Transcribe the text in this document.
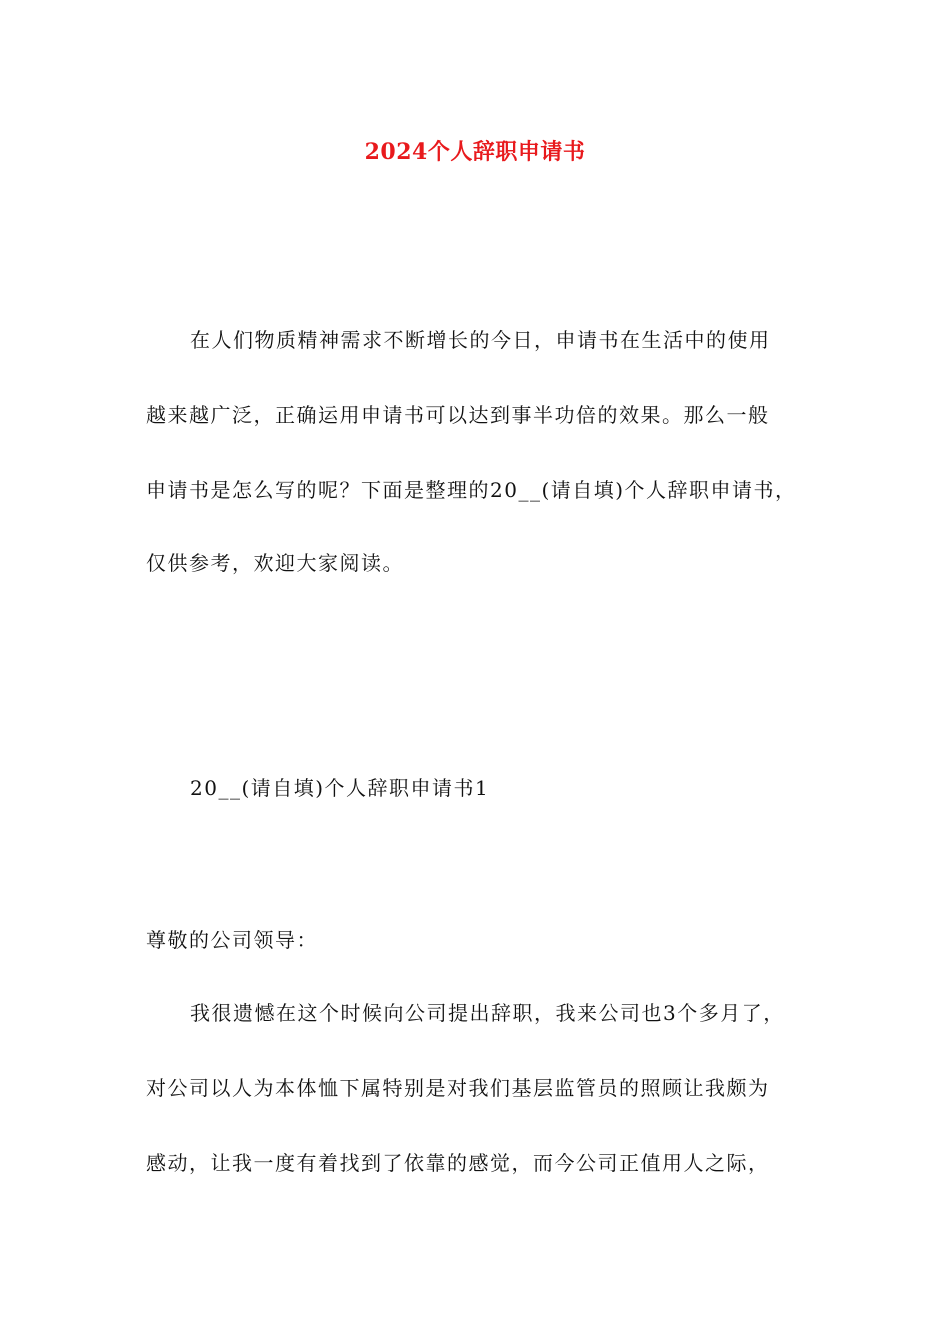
2024个人辞职申请书
在人们物质精神需求不断增长的今日，申请书在生活中的使用
越来越广泛，正确运用申请书可以达到事半功倍的效果。那么一般
申请书是怎么写的呢？下面是整理的20__(请自填)个人辞职申请书，
仅供参考，欢迎大家阅读。
20__(请自填)个人辞职申请书1
尊敬的公司领导：
我很遗憾在这个时候向公司提出辞职，我来公司也3个多月了，
对公司以人为本体恤下属特别是对我们基层监管员的照顾让我颇为
感动，让我一度有着找到了依靠的感觉，而今公司正值用人之际，
